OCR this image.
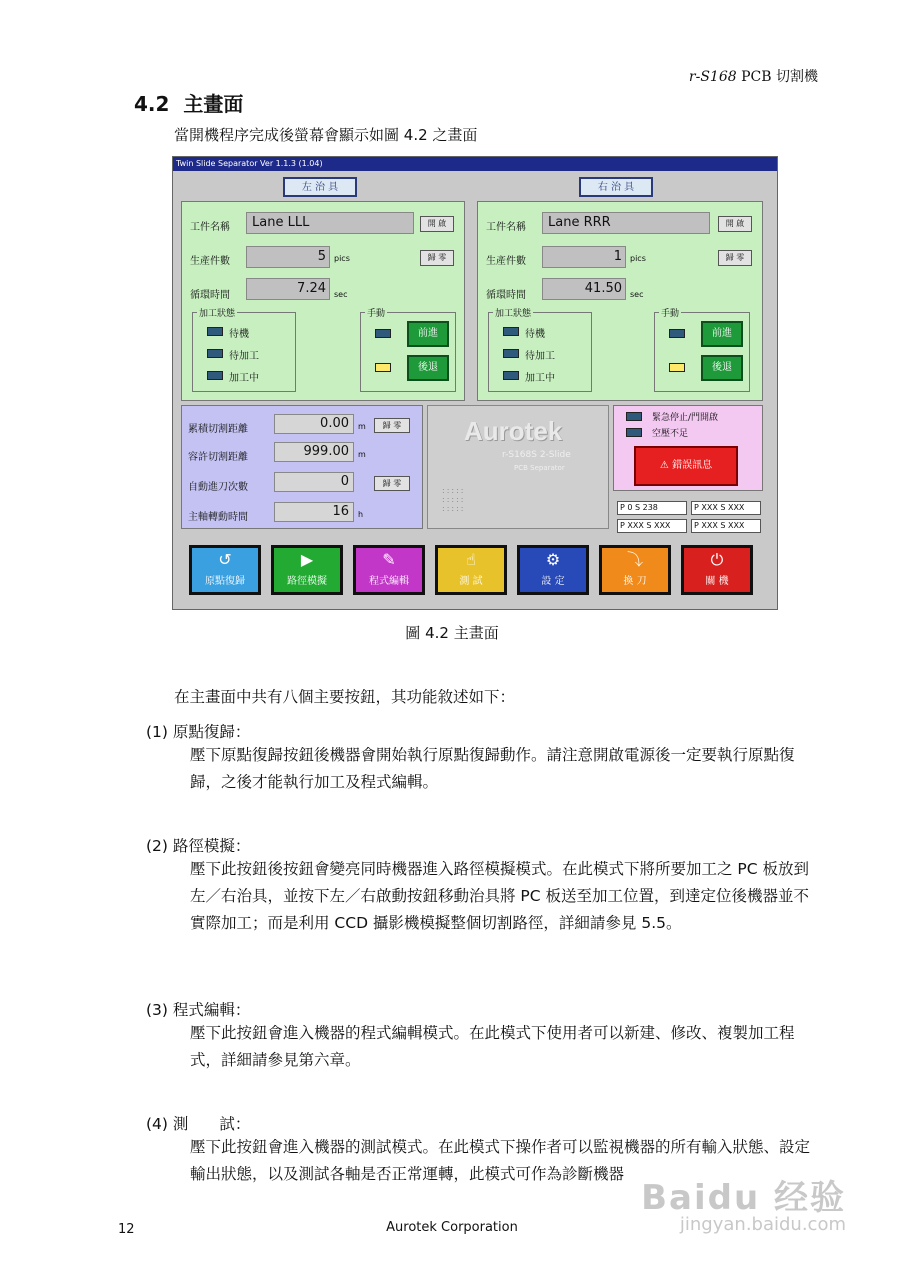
r-S168 PCB 切割機
4.2 主畫面
當開機程序完成後螢幕會顯示如圖 4.2 之畫面
Twin Slide Separator Ver 1.1.3 (1.04)
左 治 具
工件名稱	Lane LLL	開 啟
生產件數	5	pics	歸 零
循環時間	7.24	sec
加工狀態
待機
待加工
加工中
手動
前進
後退
右 治 具
工件名稱	Lane RRR	開 啟
生產件數	1	pics	歸 零
循環時間	41.50	sec
加工狀態
待機
待加工
加工中
手動
前進
後退
累積切割距離	0.00	m	歸 零
容許切割距離	999.00	m
自動進刀次數	0	歸 零
主軸轉動時間	16	h
Aurotek
r-S168S 2-Slide
PCB Separator
:::::
:::::
:::::
緊急停止/門開啟
空壓不足
⚠ 錯誤訊息
P 0 S 238	P XXX S XXX
P XXX S XXX	P XXX S XXX
↺
原點復歸
▶
路徑模擬
✎
程式編輯
☝
測 試
⚙
設 定
⤵
換 刀
⏻
關 機
圖 4.2 主畫面
在主畫面中共有八個主要按鈕，其功能敘述如下：
(1) 原點復歸：
壓下原點復歸按鈕後機器會開始執行原點復歸動作。請注意開啟電源後一定要執行原點復歸，之後才能執行加工及程式編輯。
(2) 路徑模擬：
壓下此按鈕後按鈕會變亮同時機器進入路徑模擬模式。在此模式下將所要加工之 PC 板放到左／右治具，並按下左／右啟動按鈕移動治具將 PC 板送至加工位置，到達定位後機器並不實際加工；而是利用 CCD 攝影機模擬整個切割路徑，詳細請參見 5.5。
(3) 程式編輯：
壓下此按鈕會進入機器的程式編輯模式。在此模式下使用者可以新建、修改、複製加工程式，詳細請參見第六章。
(4) 測　　試：
壓下此按鈕會進入機器的測試模式。在此模式下操作者可以監視機器的所有輸入狀態、設定輸出狀態，以及測試各軸是否正常運轉，此模式可作為診斷機器
Baidu 经验
jingyan.baidu.com
12	Aurotek Corporation
